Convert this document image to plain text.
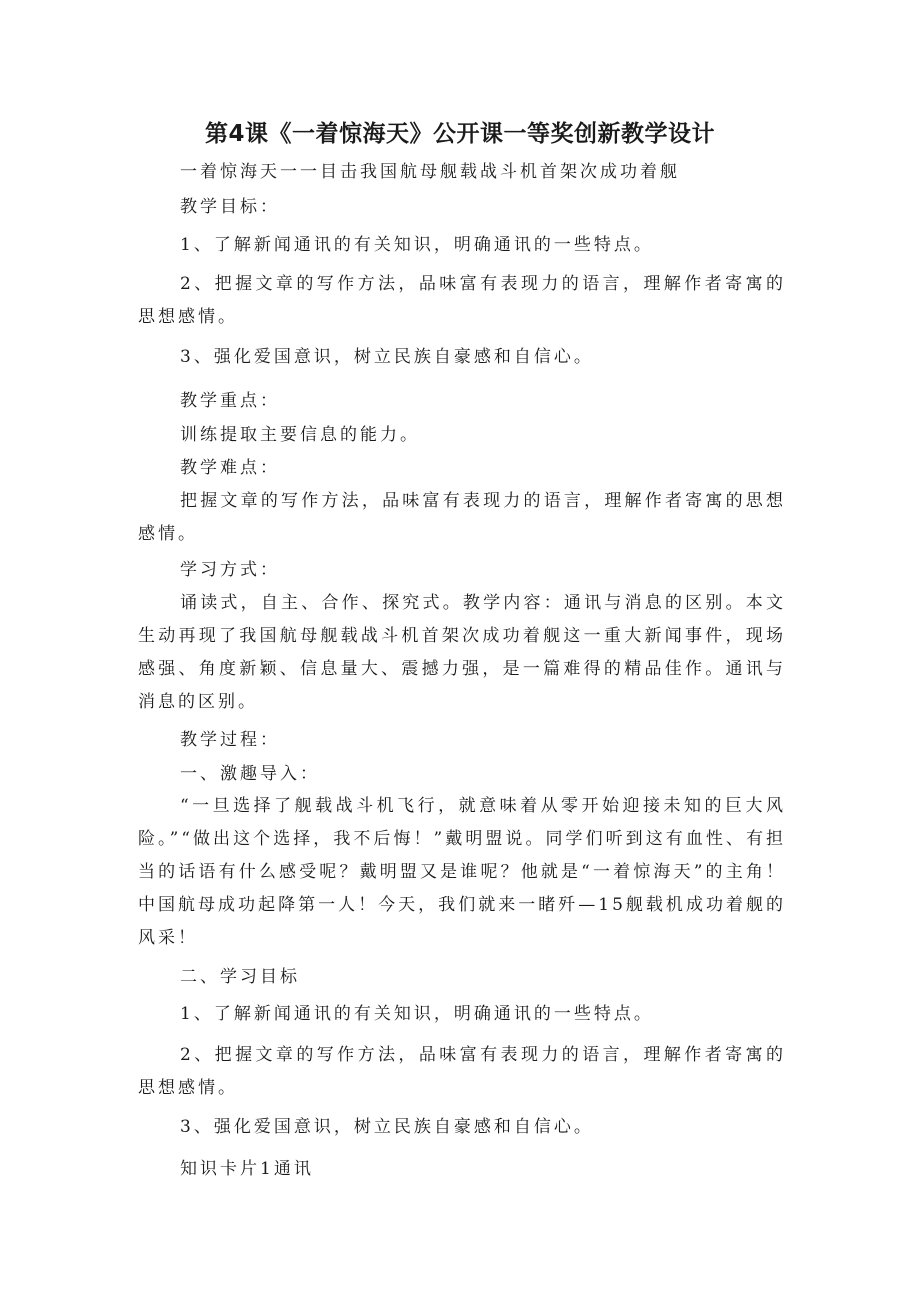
第4课《一着惊海天》公开课一等奖创新教学设计
一着惊海天一一目击我国航母舰载战斗机首架次成功着舰
教学目标：
1、了解新闻通讯的有关知识，明确通讯的一些特点。
2、把握文章的写作方法，品味富有表现力的语言，理解作者寄寓的思想感情。
3、强化爱国意识，树立民族自豪感和自信心。
教学重点：
训练提取主要信息的能力。
教学难点：
把握文章的写作方法，品味富有表现力的语言，理解作者寄寓的思想感情。
学习方式：
诵读式，自主、合作、探究式。教学内容：通讯与消息的区别。本文生动再现了我国航母舰载战斗机首架次成功着舰这一重大新闻事件，现场感强、角度新颖、信息量大、震撼力强，是一篇难得的精品佳作。通讯与消息的区别。
教学过程：
一、激趣导入：
“一旦选择了舰载战斗机飞行，就意味着从零开始迎接未知的巨大风险。”“做出这个选择，我不后悔！”戴明盟说。同学们听到这有血性、有担当的话语有什么感受呢？戴明盟又是谁呢？他就是“一着惊海天”的主角！中国航母成功起降第一人！今天，我们就来一睹歼—15舰载机成功着舰的风采！
二、学习目标
1、了解新闻通讯的有关知识，明确通讯的一些特点。
2、把握文章的写作方法，品味富有表现力的语言，理解作者寄寓的思想感情。
3、强化爱国意识，树立民族自豪感和自信心。
知识卡片1通讯
